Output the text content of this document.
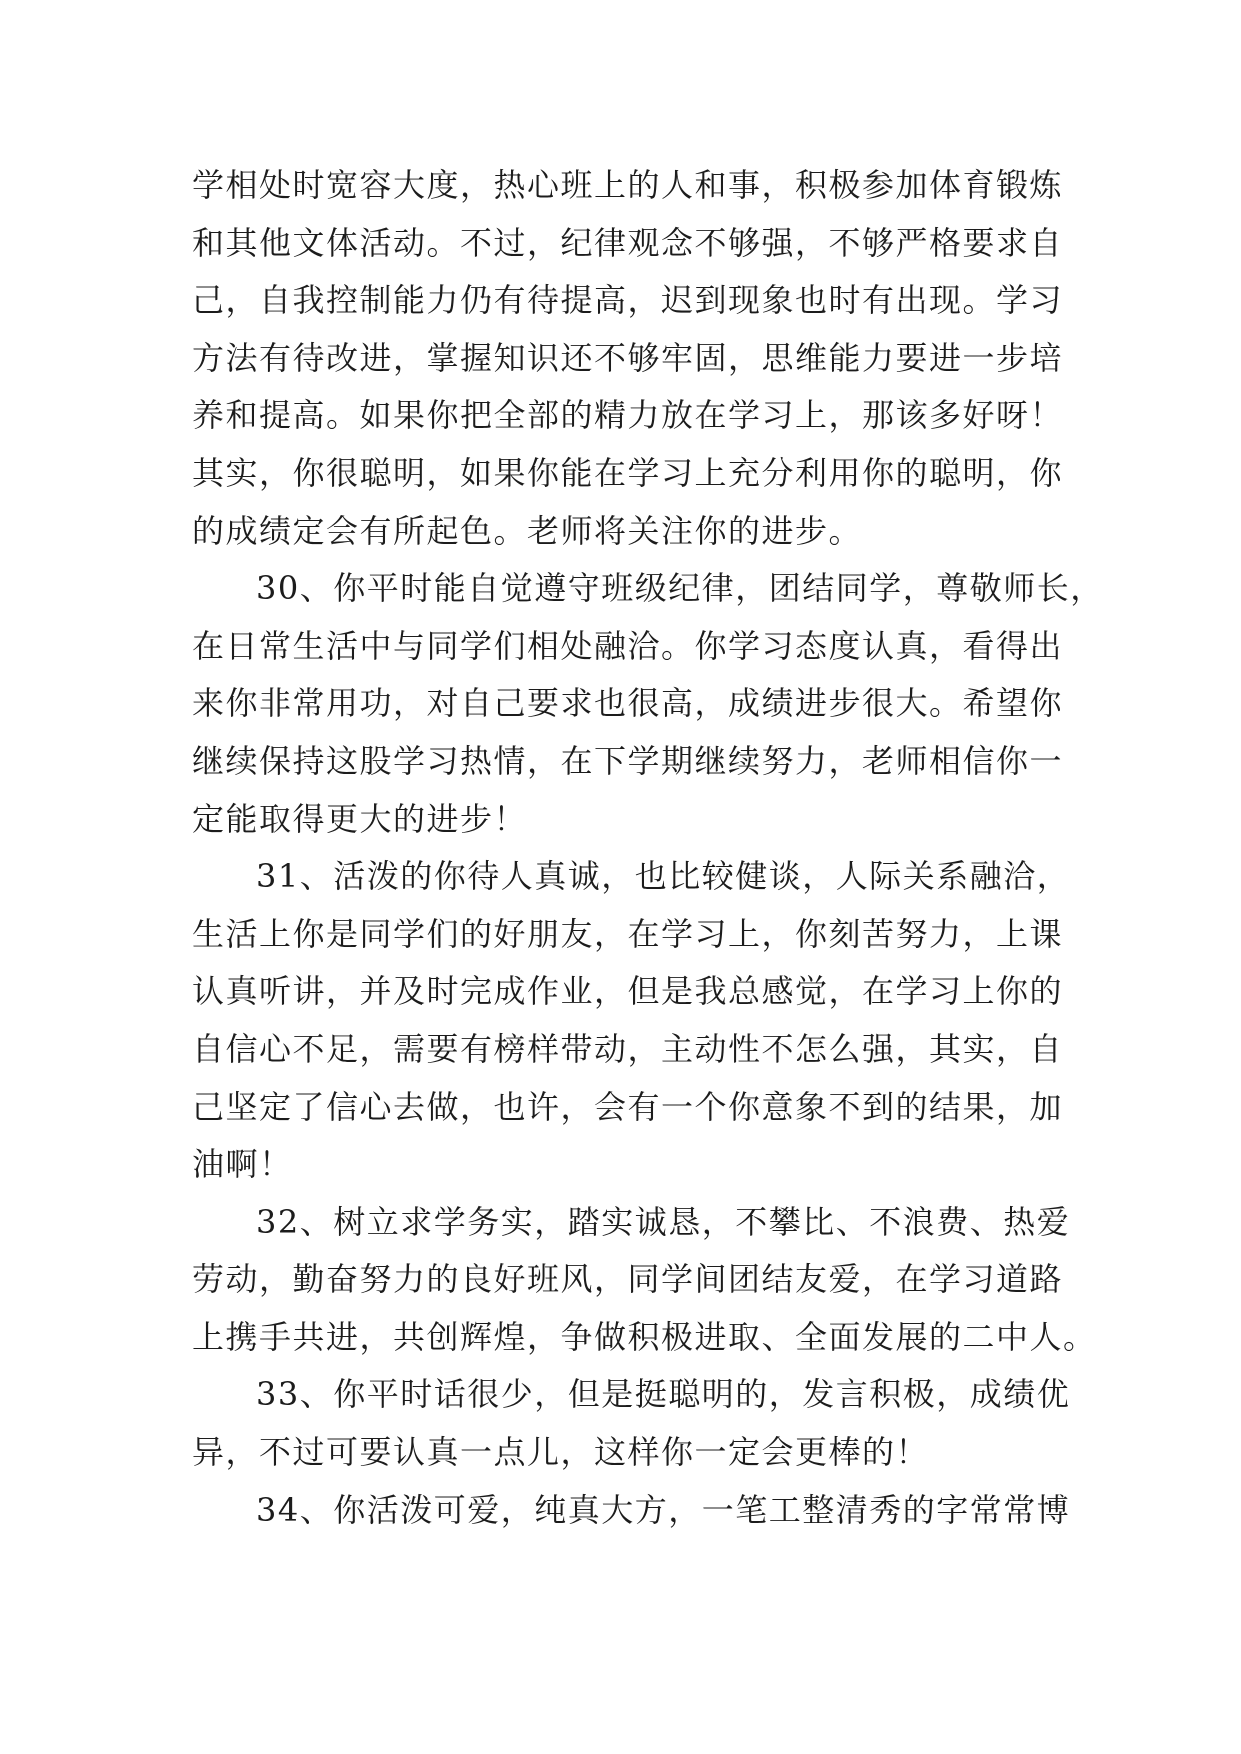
学相处时宽容大度，热心班上的人和事，积极参加体育锻炼
和其他文体活动。不过，纪律观念不够强，不够严格要求自
己，自我控制能力仍有待提高，迟到现象也时有出现。学习
方法有待改进，掌握知识还不够牢固，思维能力要进一步培
养和提高。如果你把全部的精力放在学习上，那该多好呀！
其实，你很聪明，如果你能在学习上充分利用你的聪明，你
的成绩定会有所起色。老师将关注你的进步。
30、你平时能自觉遵守班级纪律，团结同学，尊敬师长，
在日常生活中与同学们相处融洽。你学习态度认真，看得出
来你非常用功，对自己要求也很高，成绩进步很大。希望你
继续保持这股学习热情，在下学期继续努力，老师相信你一
定能取得更大的进步！
31、活泼的你待人真诚，也比较健谈，人际关系融洽，
生活上你是同学们的好朋友，在学习上，你刻苦努力，上课
认真听讲，并及时完成作业，但是我总感觉，在学习上你的
自信心不足，需要有榜样带动，主动性不怎么强，其实，自
己坚定了信心去做，也许，会有一个你意象不到的结果，加
油啊！
32、树立求学务实，踏实诚恳，不攀比、不浪费、热爱
劳动，勤奋努力的良好班风，同学间团结友爱，在学习道路
上携手共进，共创辉煌，争做积极进取、全面发展的二中人。
33、你平时话很少，但是挺聪明的，发言积极，成绩优
异，不过可要认真一点儿，这样你一定会更棒的！
34、你活泼可爱，纯真大方，一笔工整清秀的字常常博
